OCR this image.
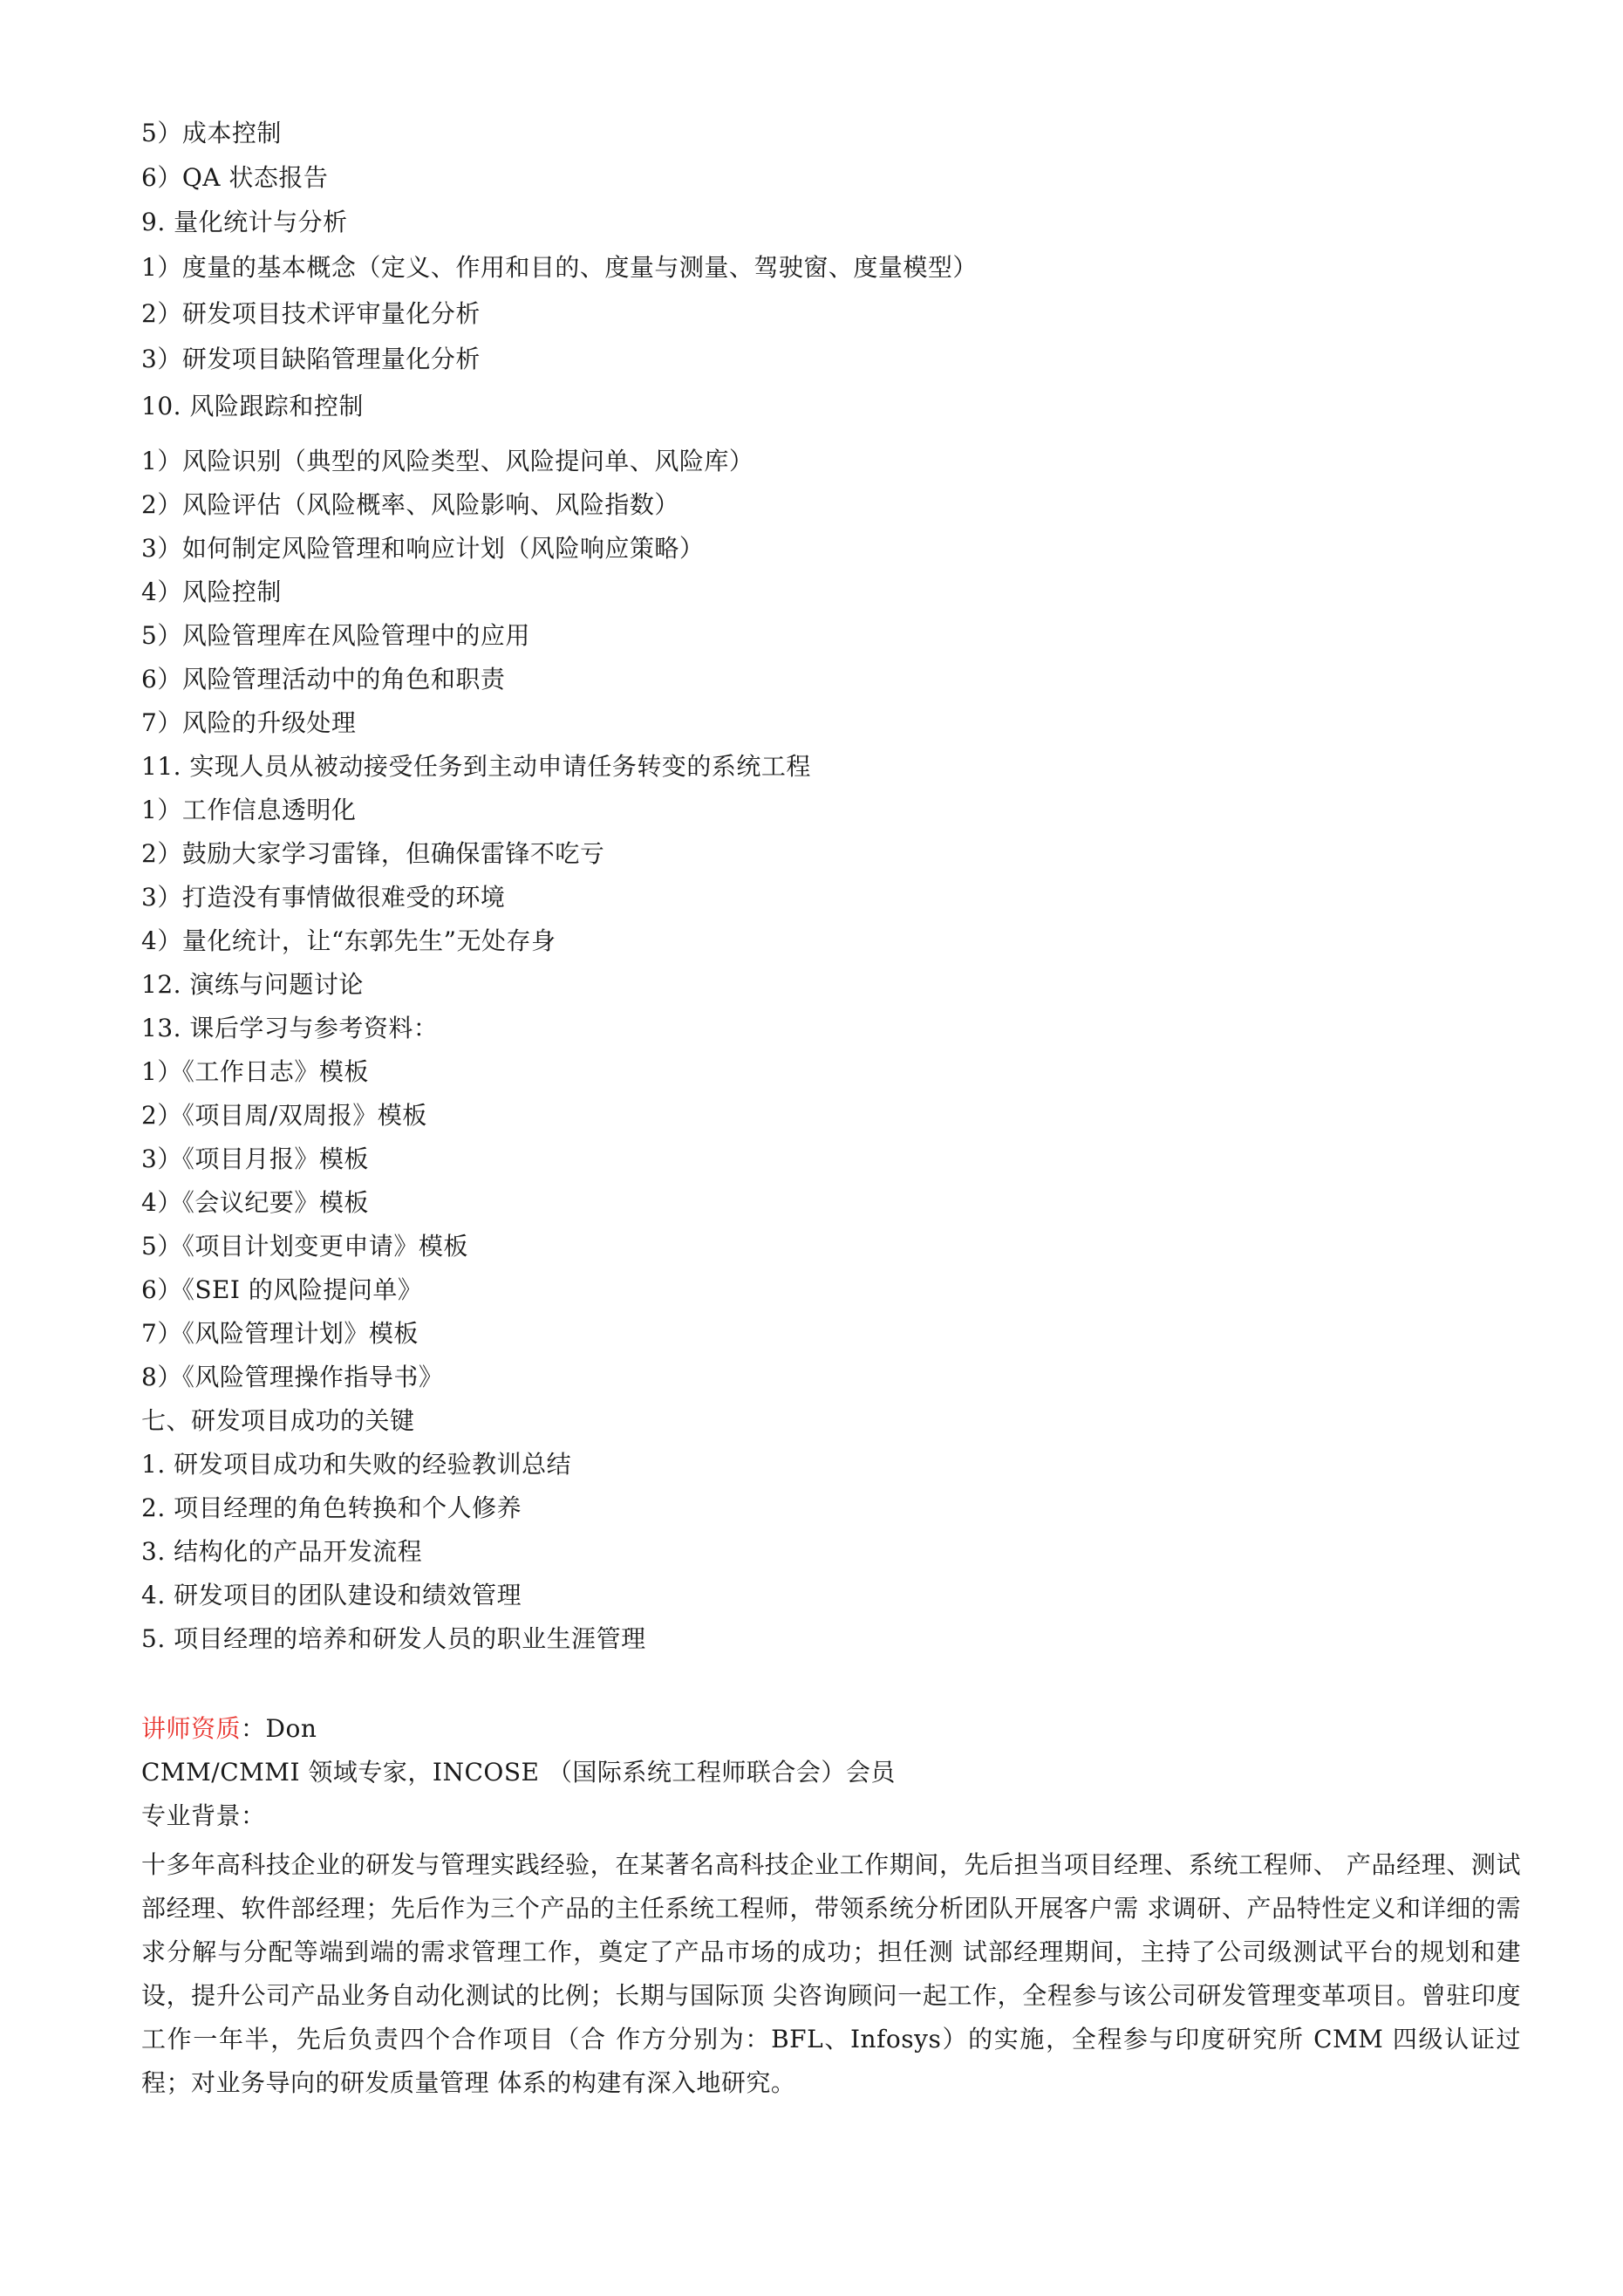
5）成本控制
6）QA 状态报告
9. 量化统计与分析
1）度量的基本概念（定义、作用和目的、度量与测量、驾驶窗、度量模型）
2）研发项目技术评审量化分析
3）研发项目缺陷管理量化分析
10. 风险跟踪和控制
1）风险识别（典型的风险类型、风险提问单、风险库）
2）风险评估（风险概率、风险影响、风险指数）
3）如何制定风险管理和响应计划（风险响应策略）
4）风险控制
5）风险管理库在风险管理中的应用
6）风险管理活动中的角色和职责
7）风险的升级处理
11. 实现人员从被动接受任务到主动申请任务转变的系统工程
1）工作信息透明化
2）鼓励大家学习雷锋，但确保雷锋不吃亏
3）打造没有事情做很难受的环境
4）量化统计，让“东郭先生”无处存身
12. 演练与问题讨论
13. 课后学习与参考资料：
1）《工作日志》模板
2）《项目周/双周报》模板
3）《项目月报》模板
4）《会议纪要》模板
5）《项目计划变更申请》模板
6）《SEI 的风险提问单》
7）《风险管理计划》模板
8）《风险管理操作指导书》
七、研发项目成功的关键
1. 研发项目成功和失败的经验教训总结
2. 项目经理的角色转换和个人修养
3. 结构化的产品开发流程
4. 研发项目的团队建设和绩效管理
5. 项目经理的培养和研发人员的职业生涯管理
讲师资质：Don
CMM/CMMI 领域专家，INCOSE （国际系统工程师联合会）会员
专业背景：
十多年高科技企业的研发与管理实践经验，在某著名高科技企业工作期间，先后担当项目经理、系统工程师、 产品经理、测试部经理、软件部经理；先后作为三个产品的主任系统工程师，带领系统分析团队开展客户需 求调研、产品特性定义和详细的需求分解与分配等端到端的需求管理工作，奠定了产品市场的成功；担任测 试部经理期间，主持了公司级测试平台的规划和建设，提升公司产品业务自动化测试的比例；长期与国际顶 尖咨询顾问一起工作，全程参与该公司研发管理变革项目。曾驻印度工作一年半，先后负责四个合作项目（合 作方分别为：BFL、Infosys）的实施，全程参与印度研究所 CMM 四级认证过程；对业务导向的研发质量管理 体系的构建有深入地研究。
